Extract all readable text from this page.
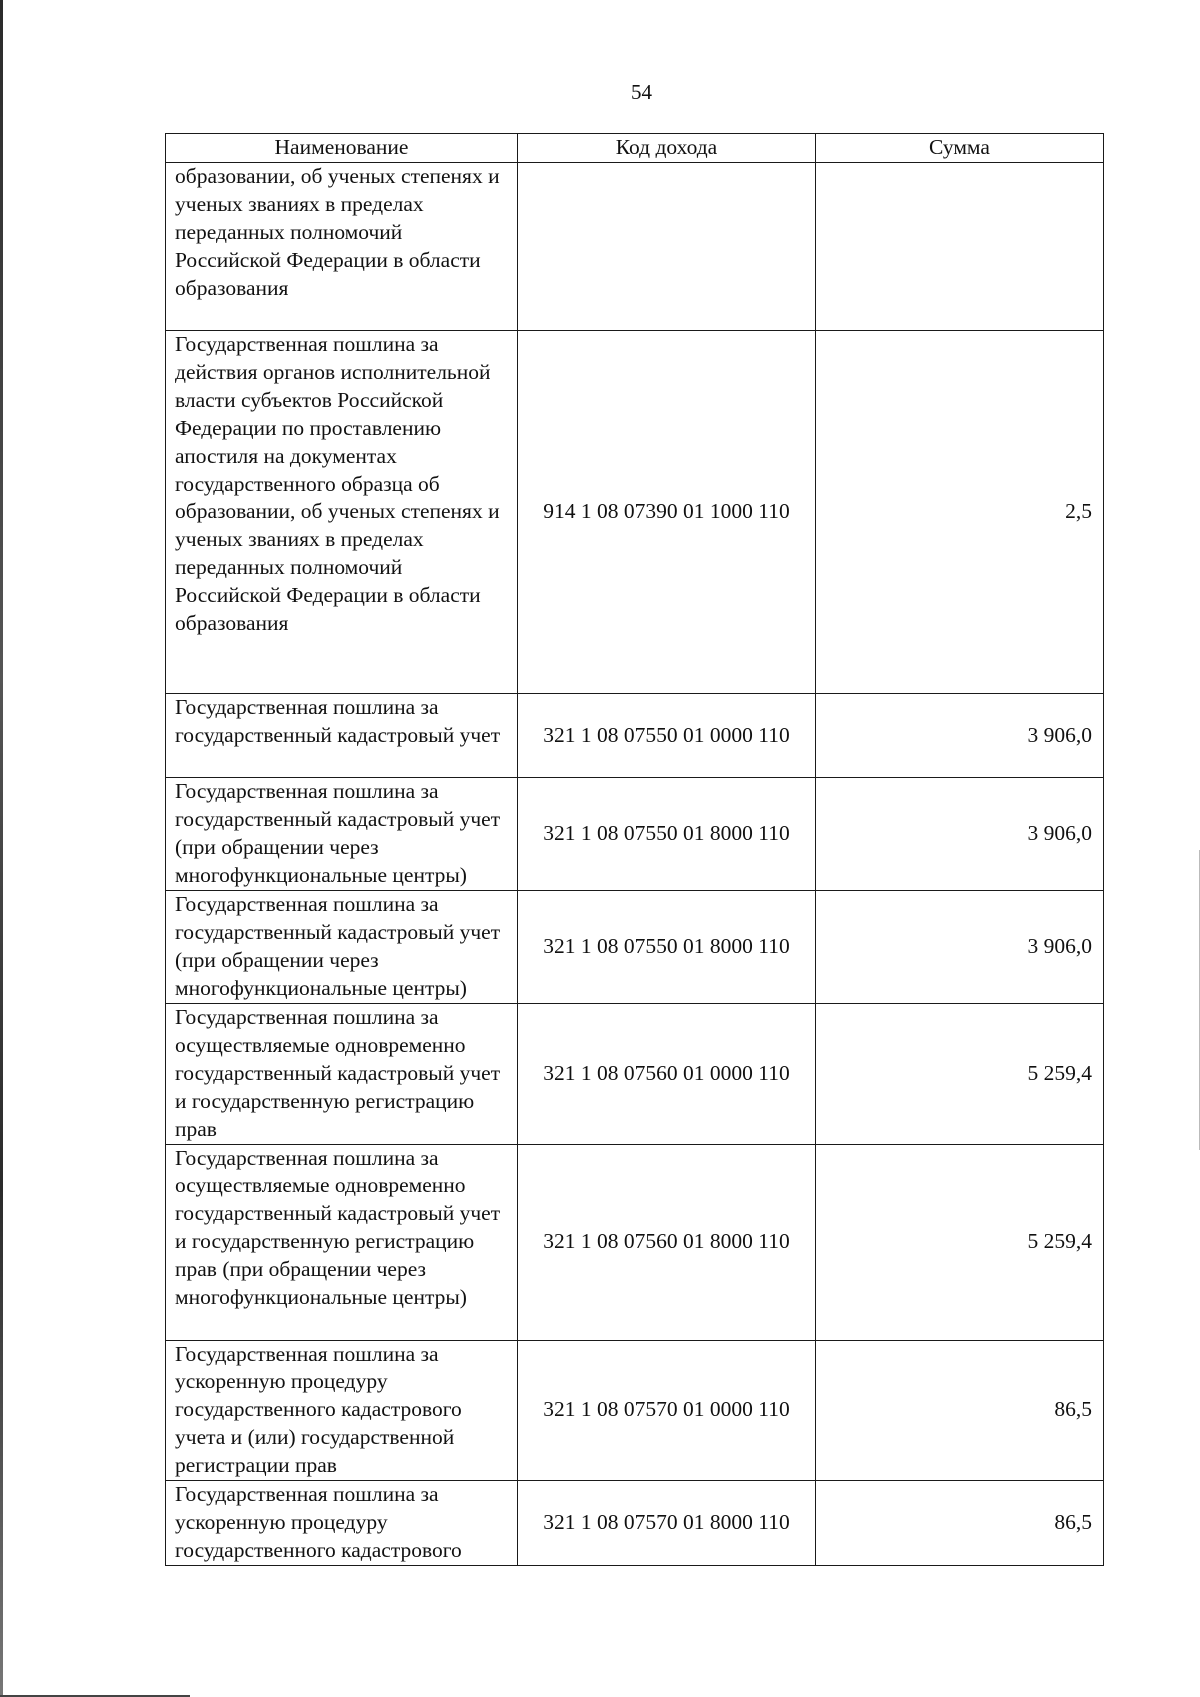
54
Наименование	Код дохода	Сумма
образовании, об ученых степенях и ученых званиях в пределах переданных полномочий Российской Федерации в области образования		
Государственная пошлина за действия органов исполнительной власти субъектов Российской Федерации по проставлению апостиля на документах государственного образца об образовании, об ученых степенях и ученых званиях в пределах переданных полномочий Российской Федерации в области образования	914 1 08 07390 01 1000 110	2,5
Государственная пошлина за государственный кадастровый учет	321 1 08 07550 01 0000 110	3 906,0
Государственная пошлина за государственный кадастровый учет (при обращении через многофункциональные центры)	321 1 08 07550 01 8000 110	3 906,0
Государственная пошлина за государственный кадастровый учет (при обращении через многофункциональные центры)	321 1 08 07550 01 8000 110	3 906,0
Государственная пошлина за осуществляемые одновременно государственный кадастровый учет и государственную регистрацию прав	321 1 08 07560 01 0000 110	5 259,4
Государственная пошлина за осуществляемые одновременно государственный кадастровый учет и государственную регистрацию прав (при обращении через многофункциональные центры)	321 1 08 07560 01 8000 110	5 259,4
Государственная пошлина за ускоренную процедуру государственного кадастрового учета и (или) государственной регистрации прав	321 1 08 07570 01 0000 110	86,5
Государственная пошлина за ускоренную процедуру государственного кадастрового	321 1 08 07570 01 8000 110	86,5
